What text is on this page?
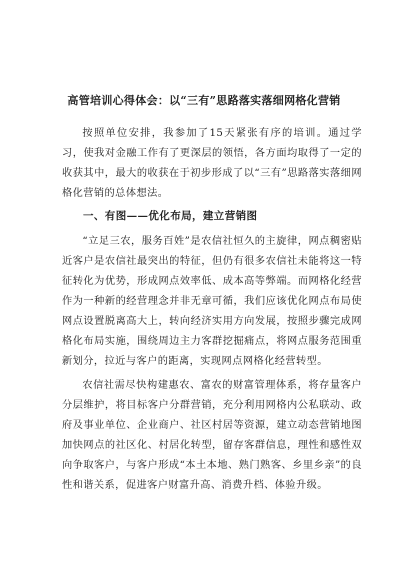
高管培训心得体会：以“三有”思路落实落细网格化营销

按照单位安排，我参加了15天紧张有序的培训。通过学习，使我对金融工作有了更深层的领悟，各方面均取得了一定的收获其中，最大的收获在于初步形成了以“三有”思路落实落细网格化营销的总体想法。

一、有图——优化布局，建立营销图

“立足三农，服务百姓”是农信社恒久的主旋律，网点稠密贴近客户是农信社最突出的特征，但仍有很多农信社未能将这一特征转化为优势，形成网点效率低、成本高等弊端。而网格化经营作为一种新的经营理念并非无章可循，我们应该优化网点布局使网点设置脱离高大上，转向经济实用方向发展，按照步骤完成网格化布局实施，围绕周边主力客群挖掘痛点，将网点服务范围重新划分，拉近与客户的距离，实现网点网格化经营转型。

农信社需尽快构建惠农、富农的财富管理体系，将存量客户分层维护，将目标客户分群营销，充分利用网格内公私联动、政府及事业单位、企业商户、社区村居等资源，建立动态营销地图加快网点的社区化、村居化转型，留存客群信息，理性和感性双向争取客户，与客户形成“本土本地、熟门熟客、乡里乡亲”的良性和谐关系，促进客户财富升高、消费升档、体验升级。
